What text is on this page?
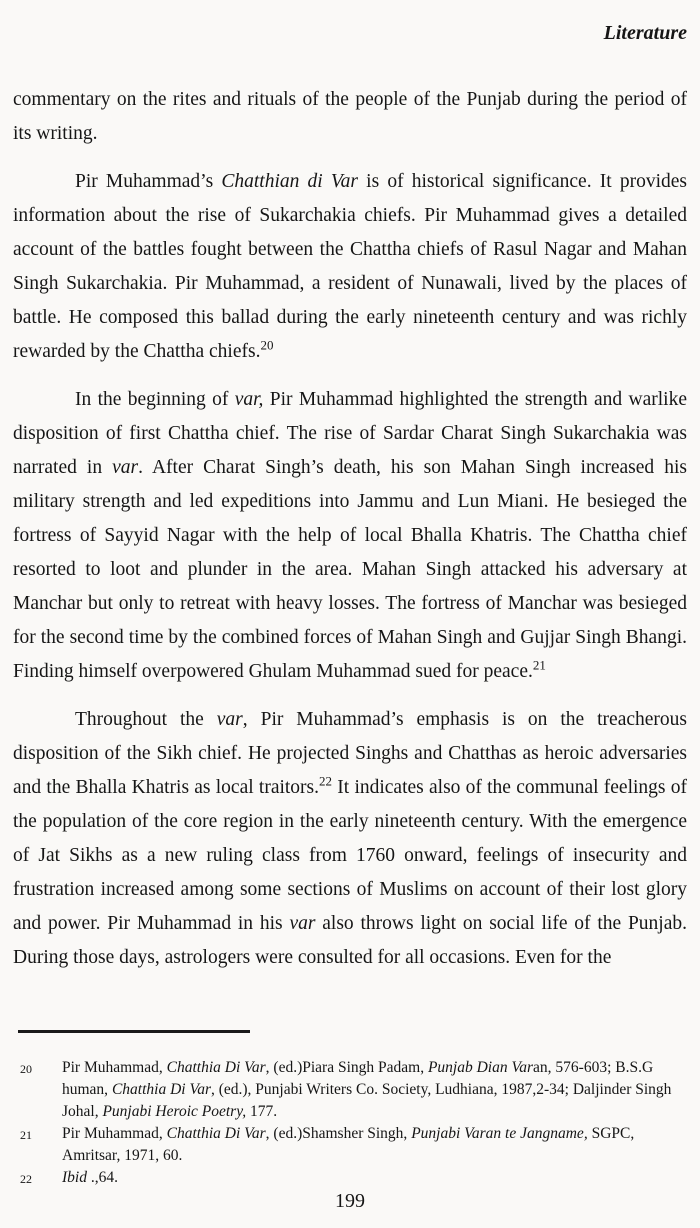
Literature

commentary on the rites and rituals of the people of the Punjab during the period of its writing.

Pir Muhammad’s Chatthian di Var is of historical significance. It provides information about the rise of Sukarchakia chiefs. Pir Muhammad gives a detailed account of the battles fought between the Chattha chiefs of Rasul Nagar and Mahan Singh Sukarchakia. Pir Muhammad, a resident of Nunawali, lived by the places of battle. He composed this ballad during the early nineteenth century and was richly rewarded by the Chattha chiefs.$^{20}$

In the beginning of var, Pir Muhammad highlighted the strength and warlike disposition of first Chattha chief. The rise of Sardar Charat Singh Sukarchakia was narrated in var. After Charat Singh’s death, his son Mahan Singh increased his military strength and led expeditions into Jammu and Lun Miani. He besieged the fortress of Sayyid Nagar with the help of local Bhalla Khatris. The Chattha chief resorted to loot and plunder in the area. Mahan Singh attacked his adversary at Manchar but only to retreat with heavy losses. The fortress of Manchar was besieged for the second time by the combined forces of Mahan Singh and Gujjar Singh Bhangi. Finding himself overpowered Ghulam Muhammad sued for peace.$^{21}$

Throughout the var, Pir Muhammad’s emphasis is on the treacherous disposition of the Sikh chief. He projected Singhs and Chatthas as heroic adversaries and the Bhalla Khatris as local traitors.$^{22}$ It indicates also of the communal feelings of the population of the core region in the early nineteenth century. With the emergence of Jat Sikhs as a new ruling class from 1760 onward, feelings of insecurity and frustration increased among some sections of Muslims on account of their lost glory and power. Pir Muhammad in his var also throws light on social life of the Punjab. During those days, astrologers were consulted for all occasions. Even for the

20 Pir Muhammad, Chatthia Di Var, (ed.)Piara Singh Padam, Punjab Dian Varan, 576-603; B.S.G human, Chatthia Di Var, (ed.), Punjabi Writers Co. Society, Ludhiana, 1987,2-34; Daljinder Singh Johal, Punjabi Heroic Poetry, 177.
21 Pir Muhammad, Chatthia Di Var, (ed.)Shamsher Singh, Punjabi Varan te Jangname, SGPC, Amritsar, 1971, 60.
22 Ibid .,64.
199
